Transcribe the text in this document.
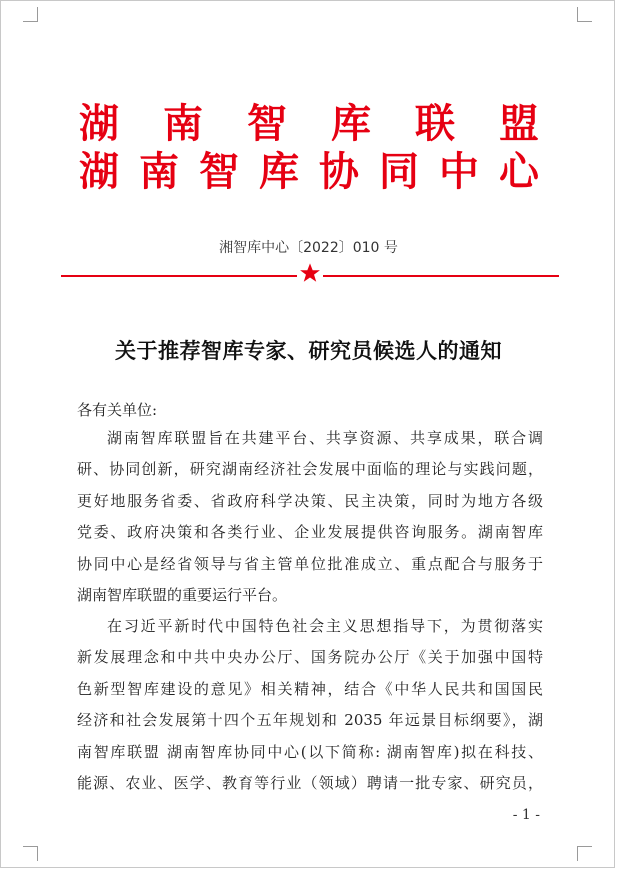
湖 南 智 库 联 盟
湖南智库协同中心
湘智库中心〔2022〕010 号
关于推荐智库专家、研究员候选人的通知
各有关单位:
湖南智库联盟旨在共建平台、共享资源、共享成果，联合调
研、协同创新，研究湖南经济社会发展中面临的理论与实践问题，
更好地服务省委、省政府科学决策、民主决策，同时为地方各级
党委、政府决策和各类行业、企业发展提供咨询服务。湖南智库
协同中心是经省领导与省主管单位批准成立、重点配合与服务于
湖南智库联盟的重要运行平台。
在习近平新时代中国特色社会主义思想指导下，为贯彻落实
新发展理念和中共中央办公厅、国务院办公厅《关于加强中国特
色新型智库建设的意见》相关精神，结合《中华人民共和国国民
经济和社会发展第十四个五年规划和 2035 年远景目标纲要》，湖
南智库联盟 湖南智库协同中心(以下简称: 湖南智库)拟在科技、
能源、农业、医学、教育等行业（领域）聘请一批专家、研究员，
- 1 -
